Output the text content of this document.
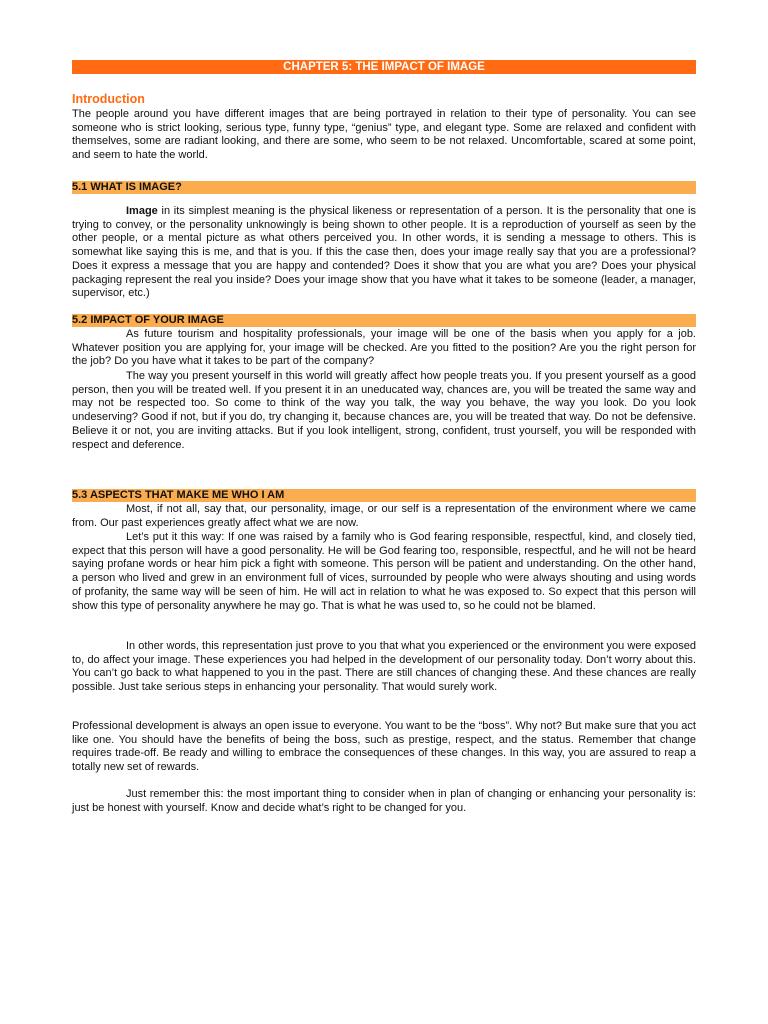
CHAPTER 5: THE IMPACT OF IMAGE
Introduction

The people around you have different images that are being portrayed in relation to their type of personality. You can see someone who is strict looking, serious type, funny type, “genius” type, and elegant type. Some are relaxed and confident with themselves, some are radiant looking, and there are some, who seem to be not relaxed. Uncomfortable, scared at some point, and seem to hate the world.

5.1 WHAT IS IMAGE?

Image in its simplest meaning is the physical likeness or representation of a person. It is the personality that one is trying to convey, or the personality unknowingly is being shown to other people. It is a reproduction of yourself as seen by the other people, or a mental picture as what others perceived you. In other words, it is sending a message to others. This is somewhat like saying this is me, and that is you. If this the case then, does your image really say that you are a professional? Does it express a message that you are happy and contended? Does it show that you are what you are? Does your physical packaging represent the real you inside? Does your image show that you have what it takes to be someone (leader, a manager, supervisor, etc.)

5.2 IMPACT OF YOUR IMAGE

As future tourism and hospitality professionals, your image will be one of the basis when you apply for a job. Whatever position you are applying for, your image will be checked. Are you fitted to the position? Are you the right person for the job? Do you have what it takes to be part of the company?

The way you present yourself in this world will greatly affect how people treats you. If you present yourself as a good person, then you will be treated well. If you present it in an uneducated way, chances are, you will be treated the same way and may not be respected too. So come to think of the way you talk, the way you behave, the way you look. Do you look undeserving? Good if not, but if you do, try changing it, because chances are, you will be treated that way. Do not be defensive. Believe it or not, you are inviting attacks. But if you look intelligent, strong, confident, trust yourself, you will be responded with respect and deference.

5.3 ASPECTS THAT MAKE ME WHO I AM

Most, if not all, say that, our personality, image, or our self is a representation of the environment where we came from. Our past experiences greatly affect what we are now.

Let’s put it this way: If one was raised by a family who is God fearing responsible, respectful, kind, and closely tied, expect that this person will have a good personality. He will be God fearing too, responsible, respectful, and he will not be heard saying profane words or hear him pick a fight with someone. This person will be patient and understanding. On the other hand, a person who lived and grew in an environment full of vices, surrounded by people who were always shouting and using words of profanity, the same way will be seen of him. He will act in relation to what he was exposed to. So expect that this person will show this type of personality anywhere he may go. That is what he was used to, so he could not be blamed.

In other words, this representation just prove to you that what you experienced or the environment you were exposed to, do affect your image. These experiences you had helped in the development of our personality today. Don’t worry about this. You can’t go back to what happened to you in the past. There are still chances of changing these. And these chances are really possible. Just take serious steps in enhancing your personality. That would surely work.

Professional development is always an open issue to everyone. You want to be the “boss”. Why not? But make sure that you act like one. You should have the benefits of being the boss, such as prestige, respect, and the status. Remember that change requires trade-off. Be ready and willing to embrace the consequences of these changes. In this way, you are assured to reap a totally new set of rewards.

Just remember this: the most important thing to consider when in plan of changing or enhancing your personality is: just be honest with yourself. Know and decide what’s right to be changed for you.
